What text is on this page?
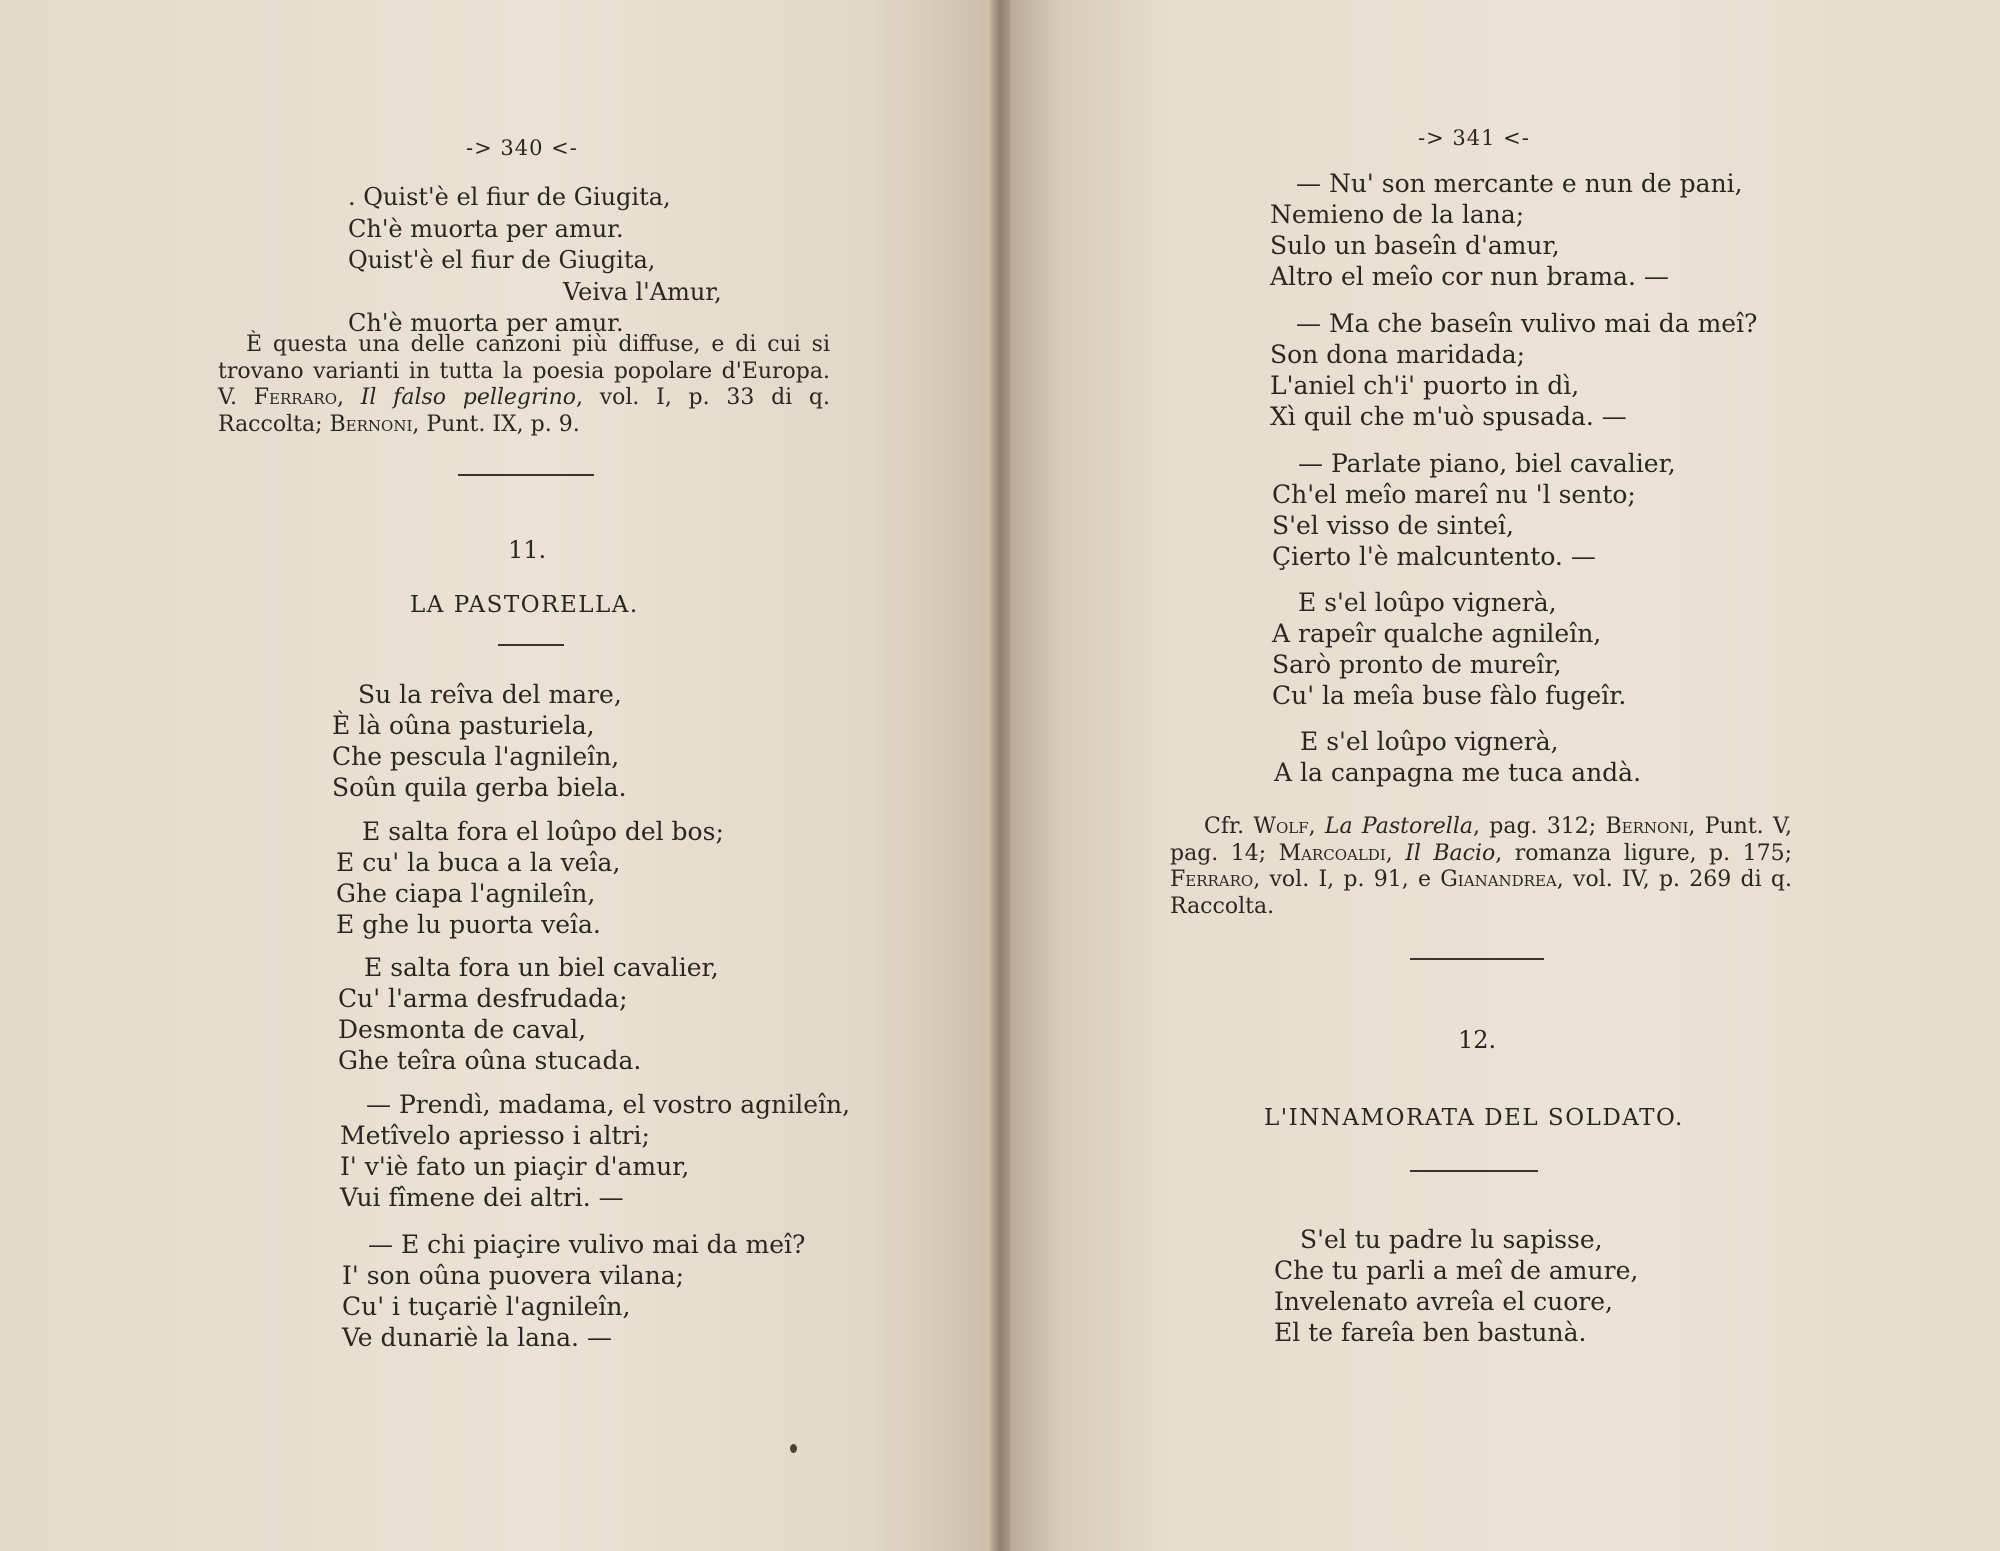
-> 340 <-
. Quist'è el fiur de Giugita,
Ch'è muorta per amur.
Quist'è el fiur de Giugita,
Veiva l'Amur,
Ch'è muorta per amur.
È questa una delle canzoni più diffuse, e di cui si trovano varianti in tutta la poesia popolare d'Europa. V. Ferraro, Il falso pellegrino, vol. I, p. 33 di q. Raccolta; Bernoni, Punt. IX, p. 9.
11.
LA PASTORELLA.
Su la reîva del mare,
È là oûna pasturiela,
Che pescula l'agnileîn,
Soûn quila gerba biela.
E salta fora el loûpo del bos;
E cu' la buca a la veîa,
Ghe ciapa l'agnileîn,
E ghe lu puorta veîa.
E salta fora un biel cavalier,
Cu' l'arma desfrudada;
Desmonta de caval,
Ghe teîra oûna stucada.
— Prendì, madama, el vostro agnileîn,
Metîvelo apriesso i altri;
I' v'iè fato un piaçir d'amur,
Vui fîmene dei altri. —
— E chi piaçire vulivo mai da meî?
I' son oûna puovera vilana;
Cu' i tuçariè l'agnileîn,
Ve dunariè la lana. —
-> 341 <-
— Nu' son mercante e nun de pani,
Nemieno de la lana;
Sulo un baseîn d'amur,
Altro el meîo cor nun brama. —
— Ma che baseîn vulivo mai da meî?
Son dona maridada;
L'aniel ch'i' puorto in dì,
Xì quil che m'uò spusada. —
— Parlate piano, biel cavalier,
Ch'el meîo mareî nu 'l sento;
S'el visso de sinteî,
Çierto l'è malcuntento. —
E s'el loûpo vignerà,
A rapeîr qualche agnileîn,
Sarò pronto de mureîr,
Cu' la meîa buse fàlo fugeîr.
E s'el loûpo vignerà,
A la canpagna me tuca andà.
Cfr. Wolf, La Pastorella, pag. 312; Bernoni, Punt. V, pag. 14; Marcoaldi, Il Bacio, romanza ligure, p. 175; Ferraro, vol. I, p. 91, e Gianandrea, vol. IV, p. 269 di q. Raccolta.
12.
L'INNAMORATA DEL SOLDATO.
S'el tu padre lu sapisse,
Che tu parli a meî de amure,
Invelenato avreîa el cuore,
El te fareîa ben bastunà.
